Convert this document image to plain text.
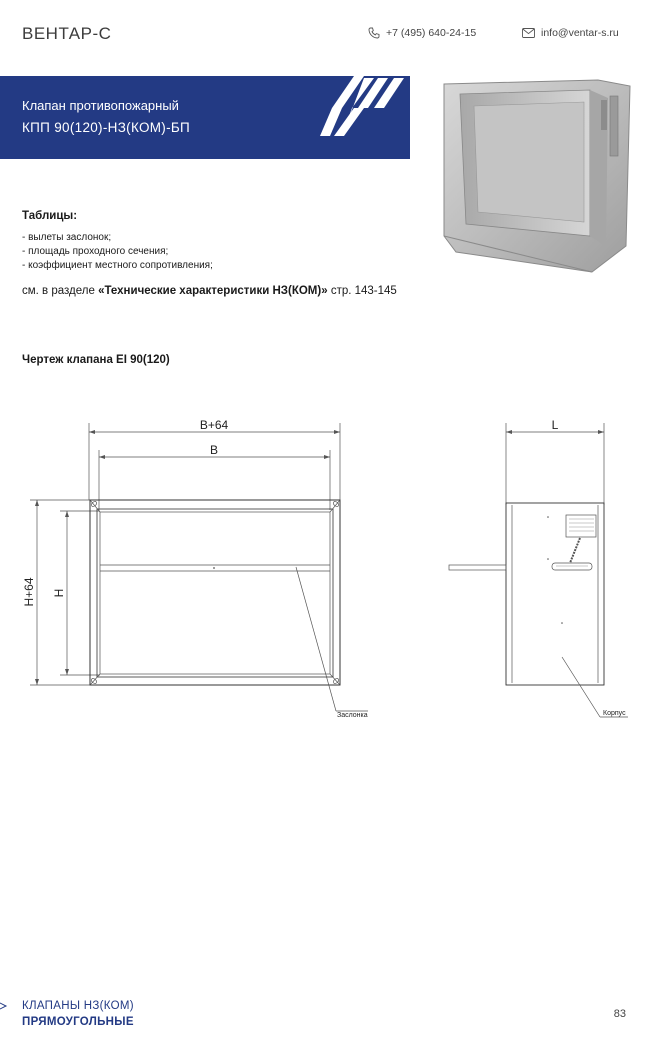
ВЕНТАР-С	+7 (495) 640-24-15	info@ventar-s.ru
Клапан противопожарный
КПП 90(120)-НЗ(КОМ)-БП
Таблицы:
- вылеты заслонок;
- площадь проходного сечения;
- коэффициент местного сопротивления;
см. в разделе «Технические характеристики НЗ(КОМ)» стр. 143-145
Чертеж клапана EI 90(120)
B+64
B
H+64 H
L
Заслонка	Корпус
КЛАПАНЫ НЗ(КОМ)
ПРЯМОУГОЛЬНЫЕ
83
